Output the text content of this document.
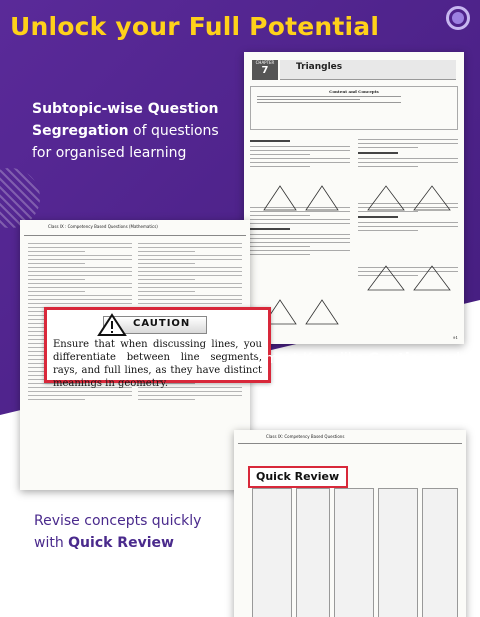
Unlock your Full Potential
Subtopic-wise Question Segregation of questions for organised learning
CHAPTER
7	Triangles
Content and Concepts
91
Class IX : Competency Based Questions (Mathematics)
CAUTION
Ensure that when discussing lines, you differentiate between line segments, rays, and full lines, as they have distinct meanings in geometry.
Smart Keys like Caution and Connection for easy understanding
Class IX: Competency Based Questions
Quick Review
Revise concepts quickly with Quick Review
